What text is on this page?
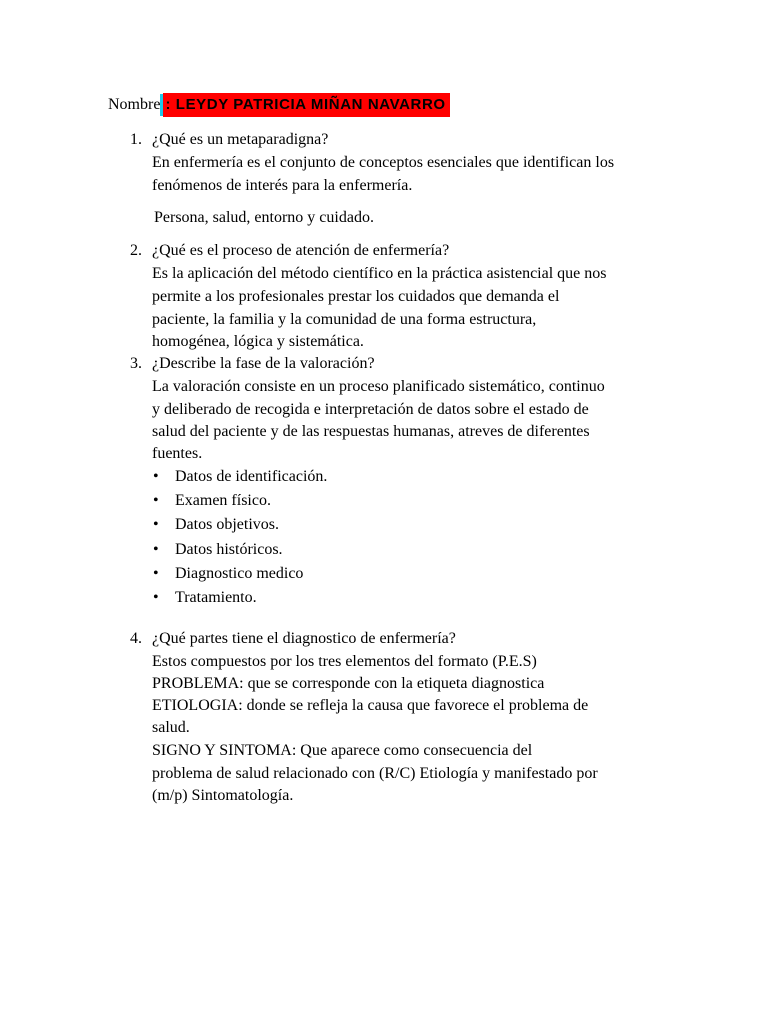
Nombre : LEYDY PATRICIA MIÑAN NAVARRO
1. ¿Qué es un metaparadigna?
En enfermería es el conjunto de conceptos esenciales que identifican los
fenómenos de interés para la enfermería.
Persona, salud, entorno y cuidado.
2. ¿Qué es el proceso de atención de enfermería?
Es la aplicación del método científico en la práctica asistencial que nos
permite a los profesionales prestar los cuidados que demanda el
paciente, la familia y la comunidad de una forma estructura,
homogénea, lógica y sistemática.
3. ¿Describe la fase de la valoración?
La valoración consiste en un proceso planificado sistemático, continuo
y deliberado de recogida e interpretación de datos sobre el estado de
salud del paciente y de las respuestas humanas, atreves de diferentes
fuentes.
• Datos de identificación.
• Examen físico.
• Datos objetivos.
• Datos históricos.
• Diagnostico medico
• Tratamiento.
4. ¿Qué partes tiene el diagnostico de enfermería?
Estos compuestos por los tres elementos del formato (P.E.S)
PROBLEMA: que se corresponde con la etiqueta diagnostica
ETIOLOGIA: donde se refleja la causa que favorece el problema de
salud.
SIGNO Y SINTOMA: Que aparece como consecuencia del
problema de salud relacionado con (R/C) Etiología y manifestado por
(m/p) Sintomatología.
